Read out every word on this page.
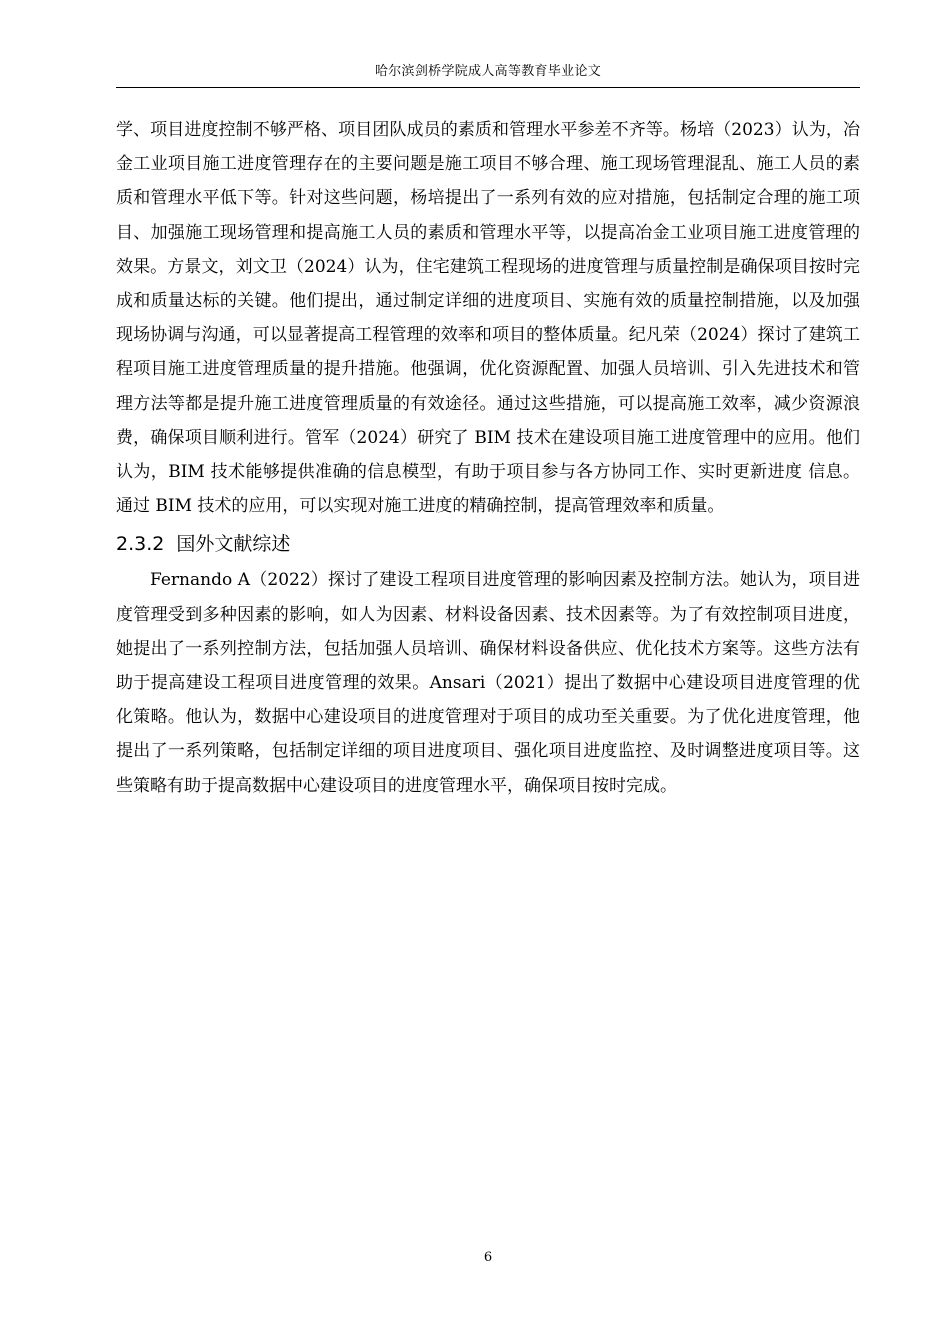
哈尔滨剑桥学院成人高等教育毕业论文

学、项目进度控制不够严格、项目团队成员的素质和管理水平参差不齐等。杨培（2023）认为，冶金工业项目施工进度管理存在的主要问题是施工项目不够合理、施工现场管理混乱、施工人员的素质和管理水平低下等。针对这些问题，杨培提出了一系列有效的应对措施，包括制定合理的施工项目、加强施工现场管理和提高施工人员的素质和管理水平等，以提高冶金工业项目施工进度管理的效果。方景文，刘文卫（2024）认为，住宅建筑工程现场的进度管理与质量控制是确保项目按时完成和质量达标的关键。他们提出，通过制定详细的进度项目、实施有效的质量控制措施，以及加强现场协调与沟通，可以显著提高工程管理的效率和项目的整体质量。纪凡荣（2024）探讨了建筑工程项目施工进度管理质量的提升措施。他强调，优化资源配置、加强人员培训、引入先进技术和管理方法等都是提升施工进度管理质量的有效途径。通过这些措施，可以提高施工效率，减少资源浪费，确保项目顺利进行。管军（2024）研究了 BIM 技术在建设项目施工进度管理中的应用。他们 认为，BIM 技术能够提供准确的信息模型，有助于项目参与各方协同工作、实时更新进度 信息。通过 BIM 技术的应用，可以实现对施工进度的精确控制，提高管理效率和质量。

2.3.2 国外文献综述

Fernando A（2022）探讨了建设工程项目进度管理的影响因素及控制方法。她认为，项目进度管理受到多种因素的影响，如人为因素、材料设备因素、技术因素等。为了有效控制项目进度，她提出了一系列控制方法，包括加强人员培训、确保材料设备供应、优化技术方案等。这些方法有助于提高建设工程项目进度管理的效果。Ansari（2021）提出了数据中心建设项目进度管理的优化策略。他认为，数据中心建设项目的进度管理对于项目的成功至关重要。为了优化进度管理，他提出了一系列策略，包括制定详细的项目进度项目、强化项目进度监控、及时调整进度项目等。这些策略有助于提高数据中心建设项目的进度管理水平，确保项目按时完成。

6
